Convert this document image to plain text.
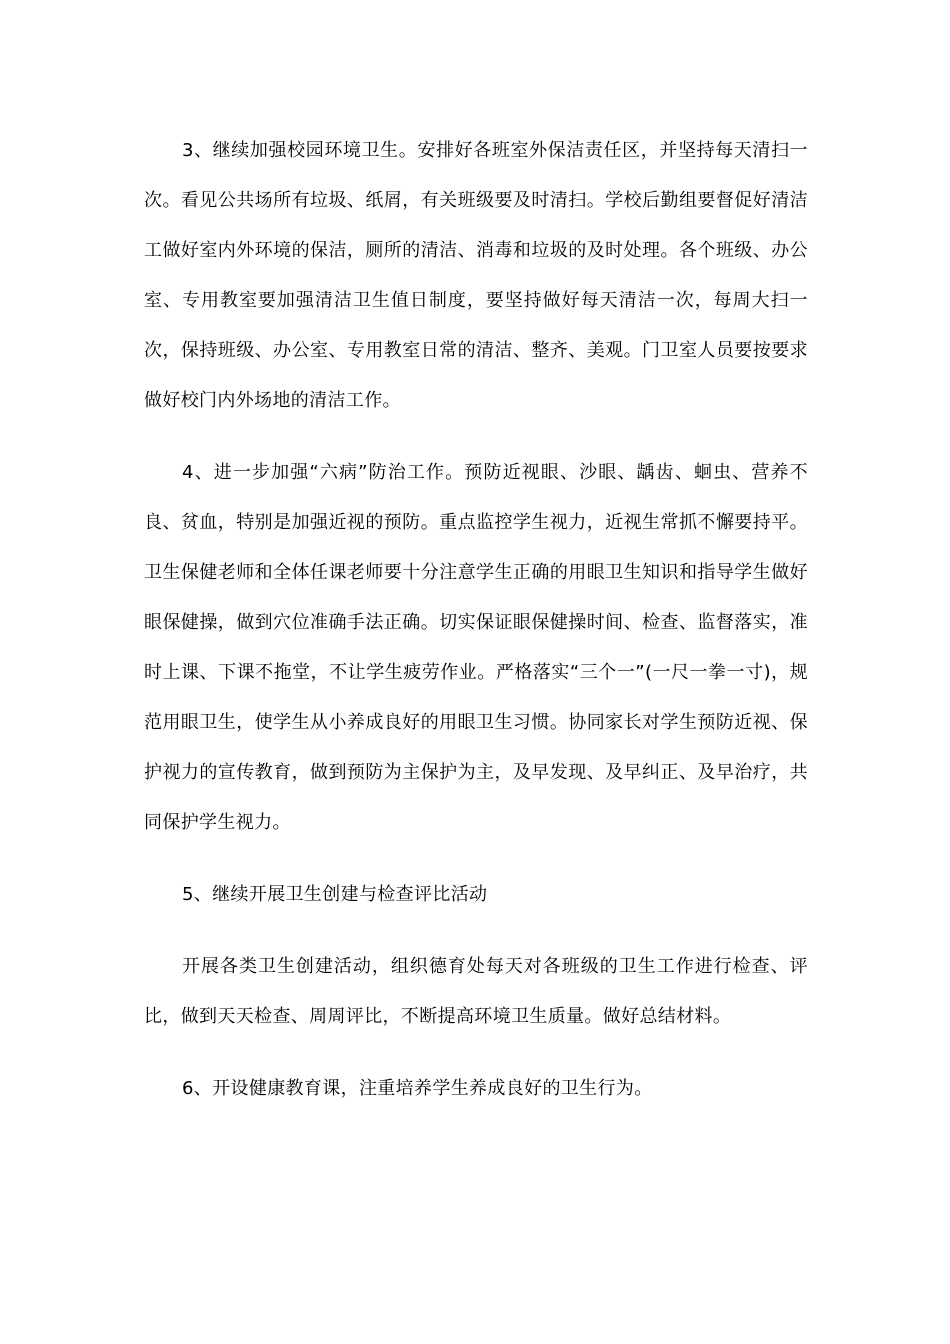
3、继续加强校园环境卫生。安排好各班室外保洁责任区，并坚持每天清扫一次。看见公共场所有垃圾、纸屑，有关班级要及时清扫。学校后勤组要督促好清洁工做好室内外环境的保洁，厕所的清洁、消毒和垃圾的及时处理。各个班级、办公室、专用教室要加强清洁卫生值日制度，要坚持做好每天清洁一次，每周大扫一次，保持班级、办公室、专用教室日常的清洁、整齐、美观。门卫室人员要按要求做好校门内外场地的清洁工作。

4、进一步加强“六病”防治工作。预防近视眼、沙眼、龋齿、蛔虫、营养不良、贫血，特别是加强近视的预防。重点监控学生视力，近视生常抓不懈要持平。卫生保健老师和全体任课老师要十分注意学生正确的用眼卫生知识和指导学生做好眼保健操，做到穴位准确手法正确。切实保证眼保健操时间、检查、监督落实，准时上课、下课不拖堂，不让学生疲劳作业。严格落实“三个一”(一尺一拳一寸)，规范用眼卫生，使学生从小养成良好的用眼卫生习惯。协同家长对学生预防近视、保护视力的宣传教育，做到预防为主保护为主，及早发现、及早纠正、及早治疗，共同保护学生视力。

5、继续开展卫生创建与检查评比活动

开展各类卫生创建活动，组织德育处每天对各班级的卫生工作进行检查、评比，做到天天检查、周周评比，不断提高环境卫生质量。做好总结材料。

6、开设健康教育课，注重培养学生养成良好的卫生行为。
